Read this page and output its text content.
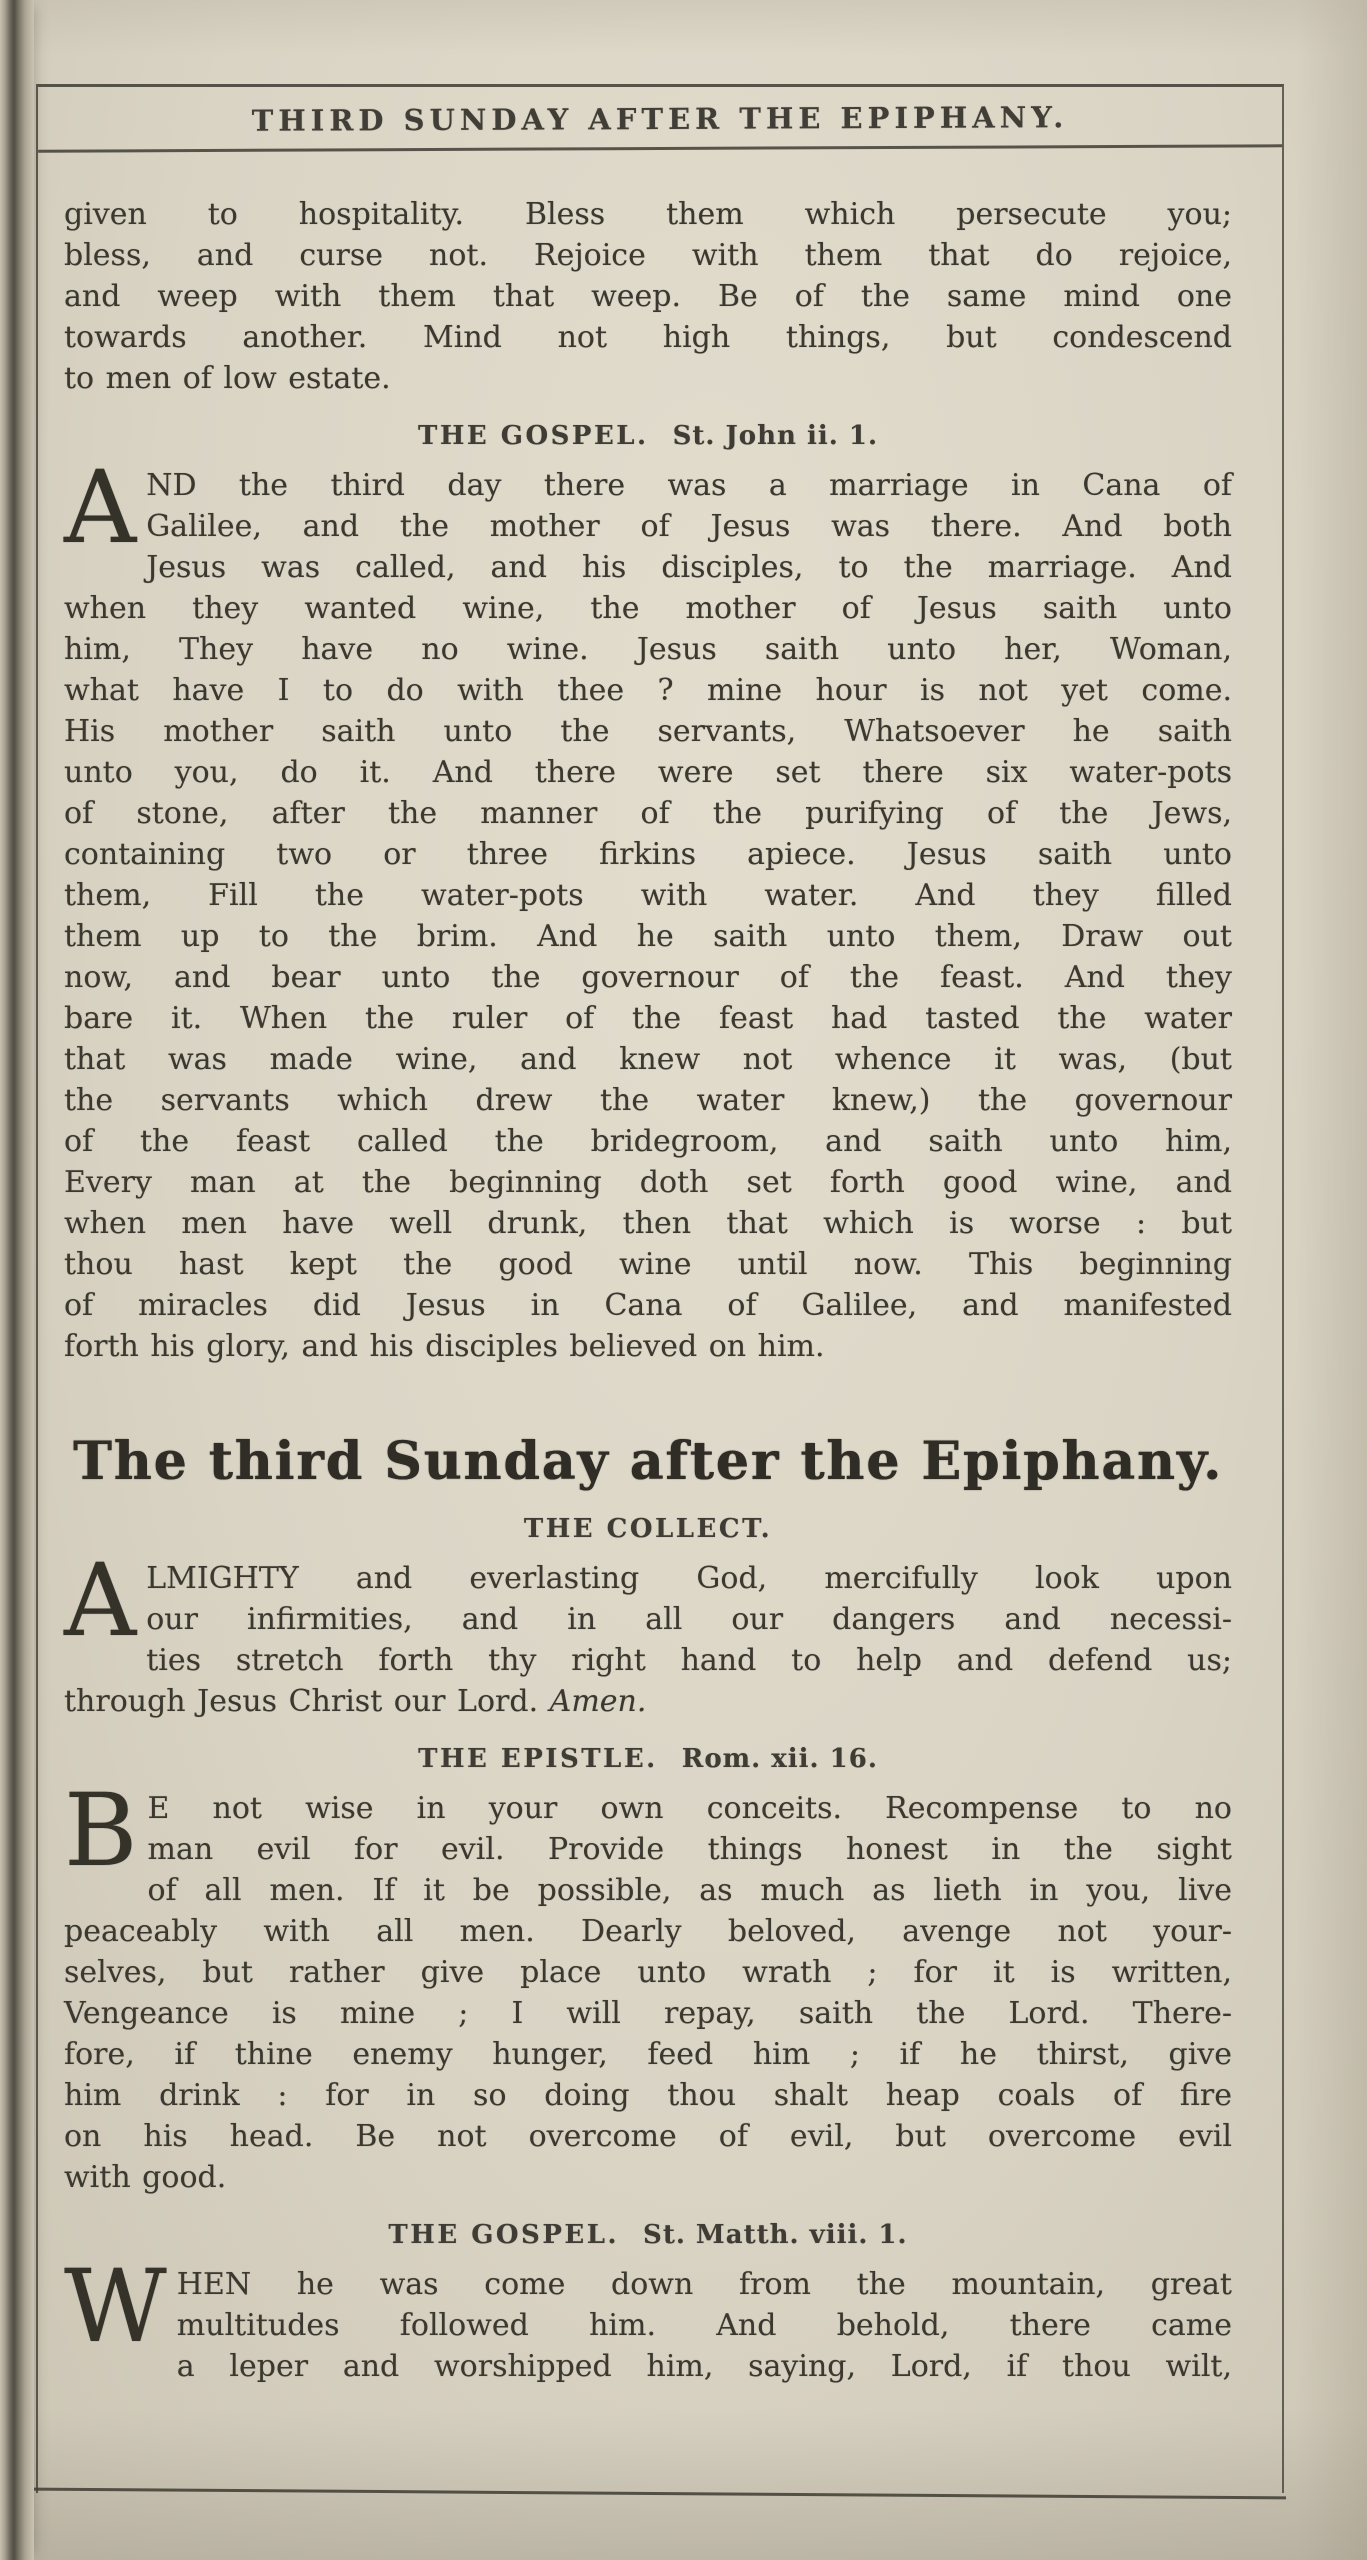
THIRD SUNDAY AFTER THE EPIPHANY.
given to hospitality. Bless them which persecute you;
bless, and curse not. Rejoice with them that do rejoice,
and weep with them that weep. Be of the same mind one
towards another. Mind not high things, but condescend
to men of low estate.
THE GOSPEL. St. John ii. 1.
A ND the third day there was a marriage in Cana of
Galilee, and the mother of Jesus was there. And both
Jesus was called, and his disciples, to the marriage. And
when they wanted wine, the mother of Jesus saith unto
him, They have no wine. Jesus saith unto her, Woman,
what have I to do with thee ? mine hour is not yet come.
His mother saith unto the servants, Whatsoever he saith
unto you, do it. And there were set there six water-pots
of stone, after the manner of the purifying of the Jews,
containing two or three firkins apiece. Jesus saith unto
them, Fill the water-pots with water. And they filled
them up to the brim. And he saith unto them, Draw out
now, and bear unto the governour of the feast. And they
bare it. When the ruler of the feast had tasted the water
that was made wine, and knew not whence it was, (but
the servants which drew the water knew,) the governour
of the feast called the bridegroom, and saith unto him,
Every man at the beginning doth set forth good wine, and
when men have well drunk, then that which is worse : but
thou hast kept the good wine until now. This beginning
of miracles did Jesus in Cana of Galilee, and manifested
forth his glory, and his disciples believed on him.
The third Sunday after the Epiphany.
THE COLLECT.
A LMIGHTY and everlasting God, mercifully look upon
our infirmities, and in all our dangers and necessi-
ties stretch forth thy right hand to help and defend us;
through Jesus Christ our Lord. Amen.
THE EPISTLE. Rom. xii. 16.
B E not wise in your own conceits. Recompense to no
man evil for evil. Provide things honest in the sight
of all men. If it be possible, as much as lieth in you, live
peaceably with all men. Dearly beloved, avenge not your-
selves, but rather give place unto wrath ; for it is written,
Vengeance is mine ; I will repay, saith the Lord. There-
fore, if thine enemy hunger, feed him ; if he thirst, give
him drink : for in so doing thou shalt heap coals of fire
on his head. Be not overcome of evil, but overcome evil
with good.
THE GOSPEL. St. Matth. viii. 1.
W HEN he was come down from the mountain, great
multitudes followed him. And behold, there came
a leper and worshipped him, saying, Lord, if thou wilt,
